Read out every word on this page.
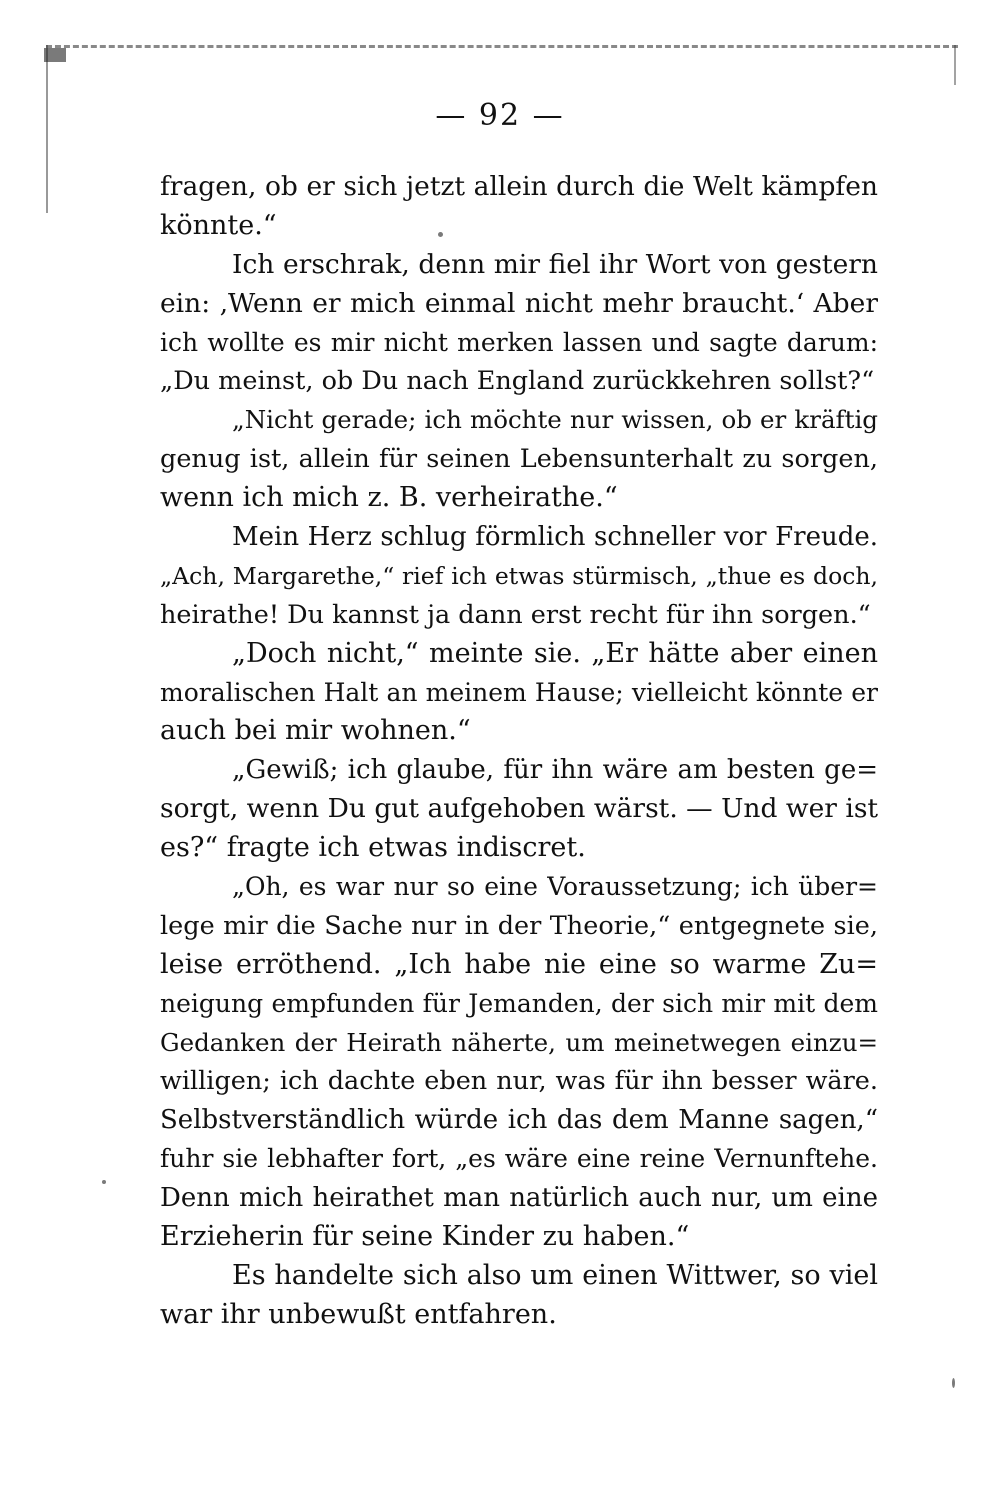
— 92 —
fragen, ob er sich jetzt allein durch die Welt kämpfen
könnte.“
Ich erschrak, denn mir fiel ihr Wort von gestern
ein: ‚Wenn er mich einmal nicht mehr braucht.‘ Aber
ich wollte es mir nicht merken lassen und sagte darum:
„Du meinst, ob Du nach England zurückkehren sollst?“
„Nicht gerade; ich möchte nur wissen, ob er kräftig
genug ist, allein für seinen Lebensunterhalt zu sorgen,
wenn ich mich z. B. verheirathe.“
Mein Herz schlug förmlich schneller vor Freude.
„Ach, Margarethe,“ rief ich etwas stürmisch, „thue es doch,
heirathe! Du kannst ja dann erst recht für ihn sorgen.“
„Doch nicht,“ meinte sie. „Er hätte aber einen
moralischen Halt an meinem Hause; vielleicht könnte er
auch bei mir wohnen.“
„Gewiß; ich glaube, für ihn wäre am besten ge=
sorgt, wenn Du gut aufgehoben wärst. — Und wer ist
es?“ fragte ich etwas indiscret.
„Oh, es war nur so eine Voraussetzung; ich über=
lege mir die Sache nur in der Theorie,“ entgegnete sie,
leise erröthend. „Ich habe nie eine so warme Zu=
neigung empfunden für Jemanden, der sich mir mit dem
Gedanken der Heirath näherte, um meinetwegen einzu=
willigen; ich dachte eben nur, was für ihn besser wäre.
Selbstverständlich würde ich das dem Manne sagen,“
fuhr sie lebhafter fort, „es wäre eine reine Vernunftehe.
Denn mich heirathet man natürlich auch nur, um eine
Erzieherin für seine Kinder zu haben.“
Es handelte sich also um einen Wittwer, so viel
war ihr unbewußt entfahren.
